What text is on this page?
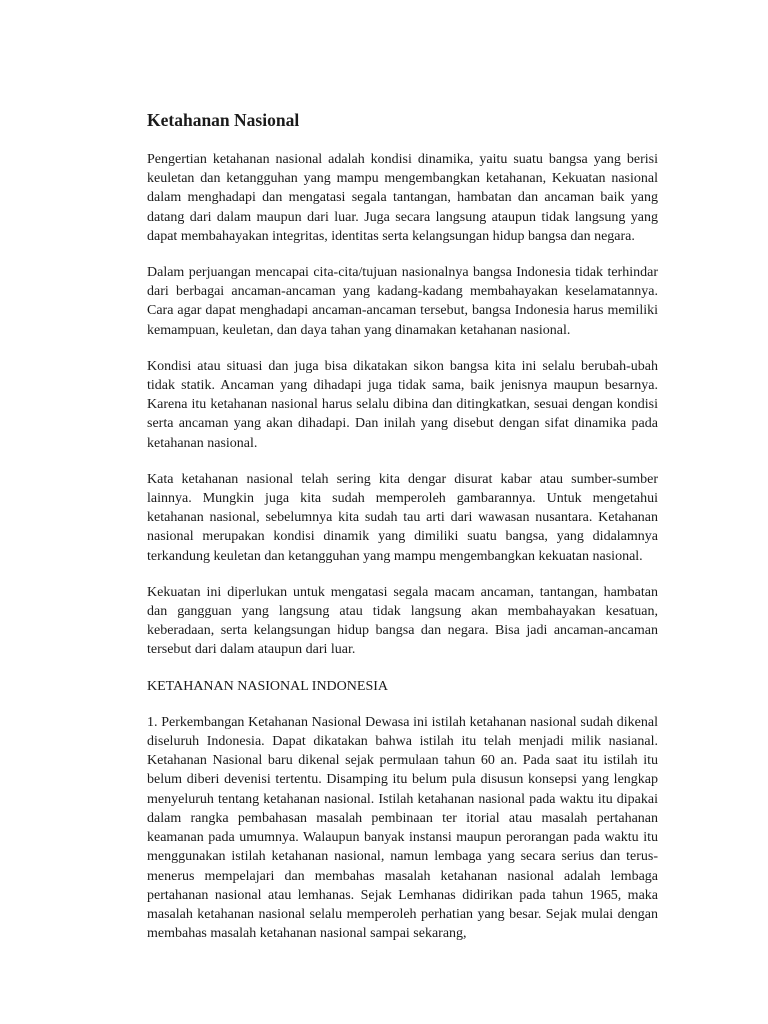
Ketahanan Nasional

Pengertian ketahanan nasional adalah kondisi dinamika, yaitu suatu bangsa yang berisi keuletan dan ketangguhan yang mampu mengembangkan ketahanan, Kekuatan nasional dalam menghadapi dan mengatasi segala tantangan, hambatan dan ancaman baik yang datang dari dalam maupun dari luar. Juga secara langsung ataupun tidak langsung yang dapat membahayakan integritas, identitas serta kelangsungan hidup bangsa dan negara.

Dalam perjuangan mencapai cita-cita/tujuan nasionalnya bangsa Indonesia tidak terhindar dari berbagai ancaman-ancaman yang kadang-kadang membahayakan keselamatannya. Cara agar dapat menghadapi ancaman-ancaman tersebut, bangsa Indonesia harus memiliki kemampuan, keuletan, dan daya tahan yang dinamakan ketahanan nasional.

Kondisi atau situasi dan juga bisa dikatakan sikon bangsa kita ini selalu berubah-ubah tidak statik. Ancaman yang dihadapi juga tidak sama, baik jenisnya maupun besarnya. Karena itu ketahanan nasional harus selalu dibina dan ditingkatkan, sesuai dengan kondisi serta ancaman yang akan dihadapi. Dan inilah yang disebut dengan sifat dinamika pada ketahanan nasional.

Kata ketahanan nasional telah sering kita dengar disurat kabar atau sumber-sumber lainnya. Mungkin juga kita sudah memperoleh gambarannya. Untuk mengetahui ketahanan nasional, sebelumnya kita sudah tau arti dari wawasan nusantara. Ketahanan nasional merupakan kondisi dinamik yang dimiliki suatu bangsa, yang didalamnya terkandung keuletan dan ketangguhan yang mampu mengembangkan kekuatan nasional.

Kekuatan ini diperlukan untuk mengatasi segala macam ancaman, tantangan, hambatan dan gangguan yang langsung atau tidak langsung akan membahayakan kesatuan, keberadaan, serta kelangsungan hidup bangsa dan negara. Bisa jadi ancaman-ancaman tersebut dari dalam ataupun dari luar.

KETAHANAN NASIONAL INDONESIA

1. Perkembangan Ketahanan Nasional Dewasa ini istilah ketahanan nasional sudah dikenal diseluruh Indonesia. Dapat dikatakan bahwa istilah itu telah menjadi milik nasianal. Ketahanan Nasional baru dikenal sejak permulaan tahun 60 an. Pada saat itu istilah itu belum diberi devenisi tertentu. Disamping itu belum pula disusun konsepsi yang lengkap menyeluruh tentang ketahanan nasional. Istilah ketahanan nasional pada waktu itu dipakai dalam rangka pembahasan masalah pembinaan ter itorial atau masalah pertahanan keamanan pada umumnya. Walaupun banyak instansi maupun perorangan pada waktu itu menggunakan istilah ketahanan nasional, namun lembaga yang secara serius dan terus-menerus mempelajari dan membahas masalah ketahanan nasional adalah lembaga pertahanan nasional atau lemhanas. Sejak Lemhanas didirikan pada tahun 1965, maka masalah ketahanan nasional selalu memperoleh perhatian yang besar. Sejak mulai dengan membahas masalah ketahanan nasional sampai sekarang,
